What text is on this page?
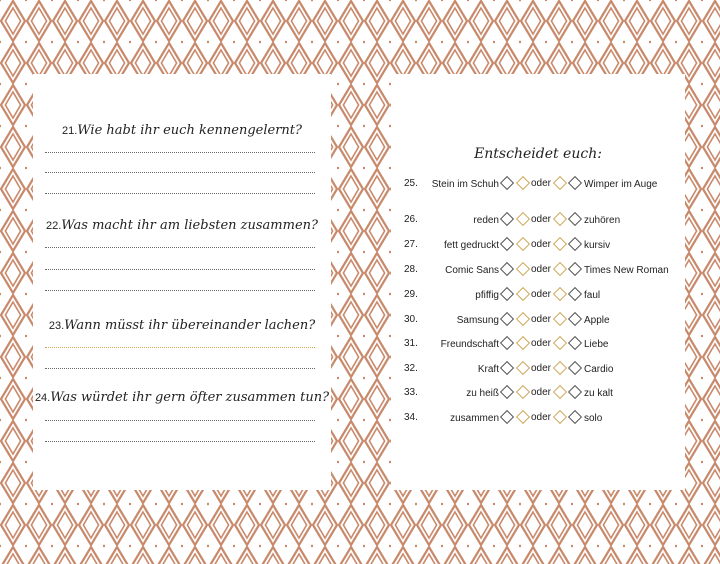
21.Wie habt ihr euch kennengelernt?
22.Was macht ihr am liebsten zusammen?
23.Wann müsst ihr übereinander lachen?
24.Was würdet ihr gern öfter zusammen tun?
Entscheidet euch:
25. Stein im Schuh	oder	Wimper im Auge
26.	reden	oder	zuhören
27.	fett gedruckt	oder	kursiv
28.	Comic Sans	oder	Times New Roman
29.	pfiffig	oder	faul
30.	Samsung	oder	Apple
31.	Freundschaft	oder	Liebe
32.	Kraft	oder	Cardio
33.	zu heiß	oder	zu kalt
34.	zusammen	oder	solo
